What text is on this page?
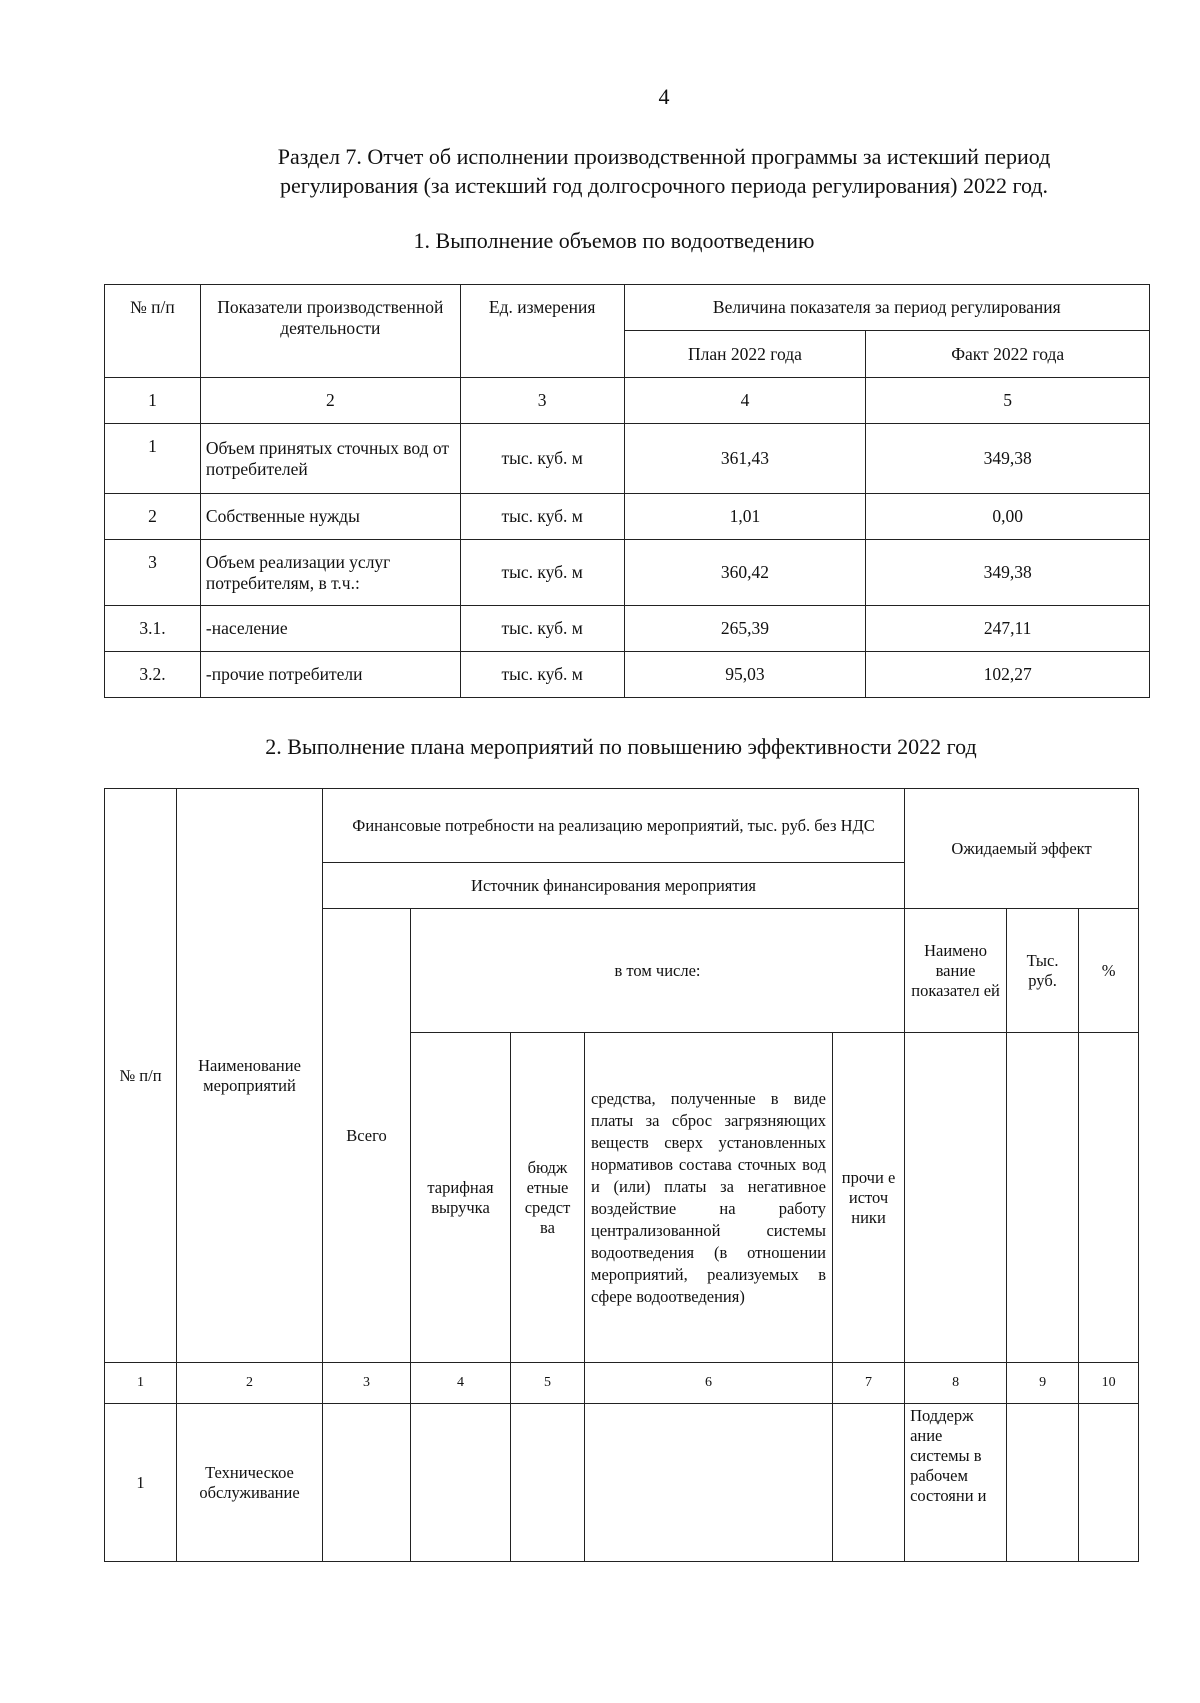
4
Раздел 7. Отчет об исполнении производственной программы за истекший период
регулирования (за истекший год долгосрочного периода регулирования) 2022 год.
1. Выполнение объемов по водоотведению
№ п/п	Показатели производственной деятельности	Ед. измерения	Величина показателя за период регулирования	
			План 2022 года	Факт 2022 года
1	2	3	4	5
1	Объем принятых сточных вод от потребителей	тыс. куб. м	361,43	349,38
2	Собственные нужды	тыс. куб. м	1,01	0,00
3	Объем реализации услуг потребителям, в т.ч.:	тыс. куб. м	360,42	349,38
3.1.	-население	тыс. куб. м	265,39	247,11
3.2.	-прочие потребители	тыс. куб. м	95,03	102,27
2. Выполнение плана мероприятий по повышению эффективности 2022 год
№ п/п	Наименование мероприятий	Финансовые потребности на реализацию мероприятий, тыс. руб. без НДС					Ожидаемый эффект		
		Источник финансирования мероприятия							
		Всего	в том числе:				Наимено вание показател ей	Тыс. руб.	%
			тарифная выручка	бюдж етные средст ва	средства, полученные в виде платы за сброс загрязняющих веществ сверх установленных нормативов состава сточных вод и (или) платы за негативное воздействие на работу централизованной системы водоотведения (в отношении мероприятий, реализуемых в сфере водоотведения)	прочи е источ ники			
1	2	3	4	5	6	7	8	9	10
1	Техническое обслуживание						Поддерж ание системы в рабочем состояни и		
